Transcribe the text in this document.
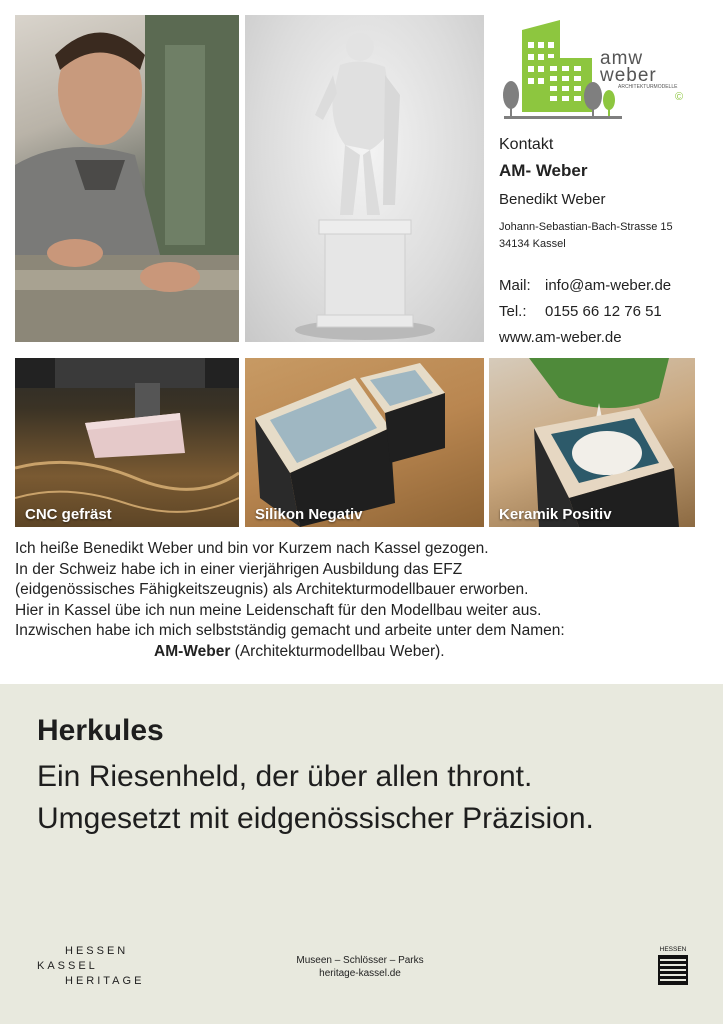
amw
weber
ARCHITEKTURMODELLE
©
Kontakt
AM- Weber
Benedikt Weber
Johann-Sebastian-Bach-Strasse 15
34134 Kassel
Mail: info@am-weber.de
Tel.: 0155 66 12 76 51
www.am-weber.de
CNC gefräst	Silikon Negativ	Keramik Positiv
Ich heiße Benedikt Weber und bin vor Kurzem nach Kassel gezogen.
In der Schweiz habe ich in einer vierjährigen Ausbildung das EFZ
(eidgenössisches Fähigkeitszeugnis) als Architekturmodellbauer erworben.
Hier in Kassel übe ich nun meine Leidenschaft für den Modellbau weiter aus.
Inzwischen habe ich mich selbstständig gemacht und arbeite unter dem Namen:
AM-Weber (Architekturmodellbau Weber).
Herkules
Ein Riesenheld, der über allen thront.
Umgesetzt mit eidgenössischer Präzision.
HESSEN
KASSEL
HERITAGE
Museen – Schlösser – Parks
heritage-kassel.de
HESSEN
